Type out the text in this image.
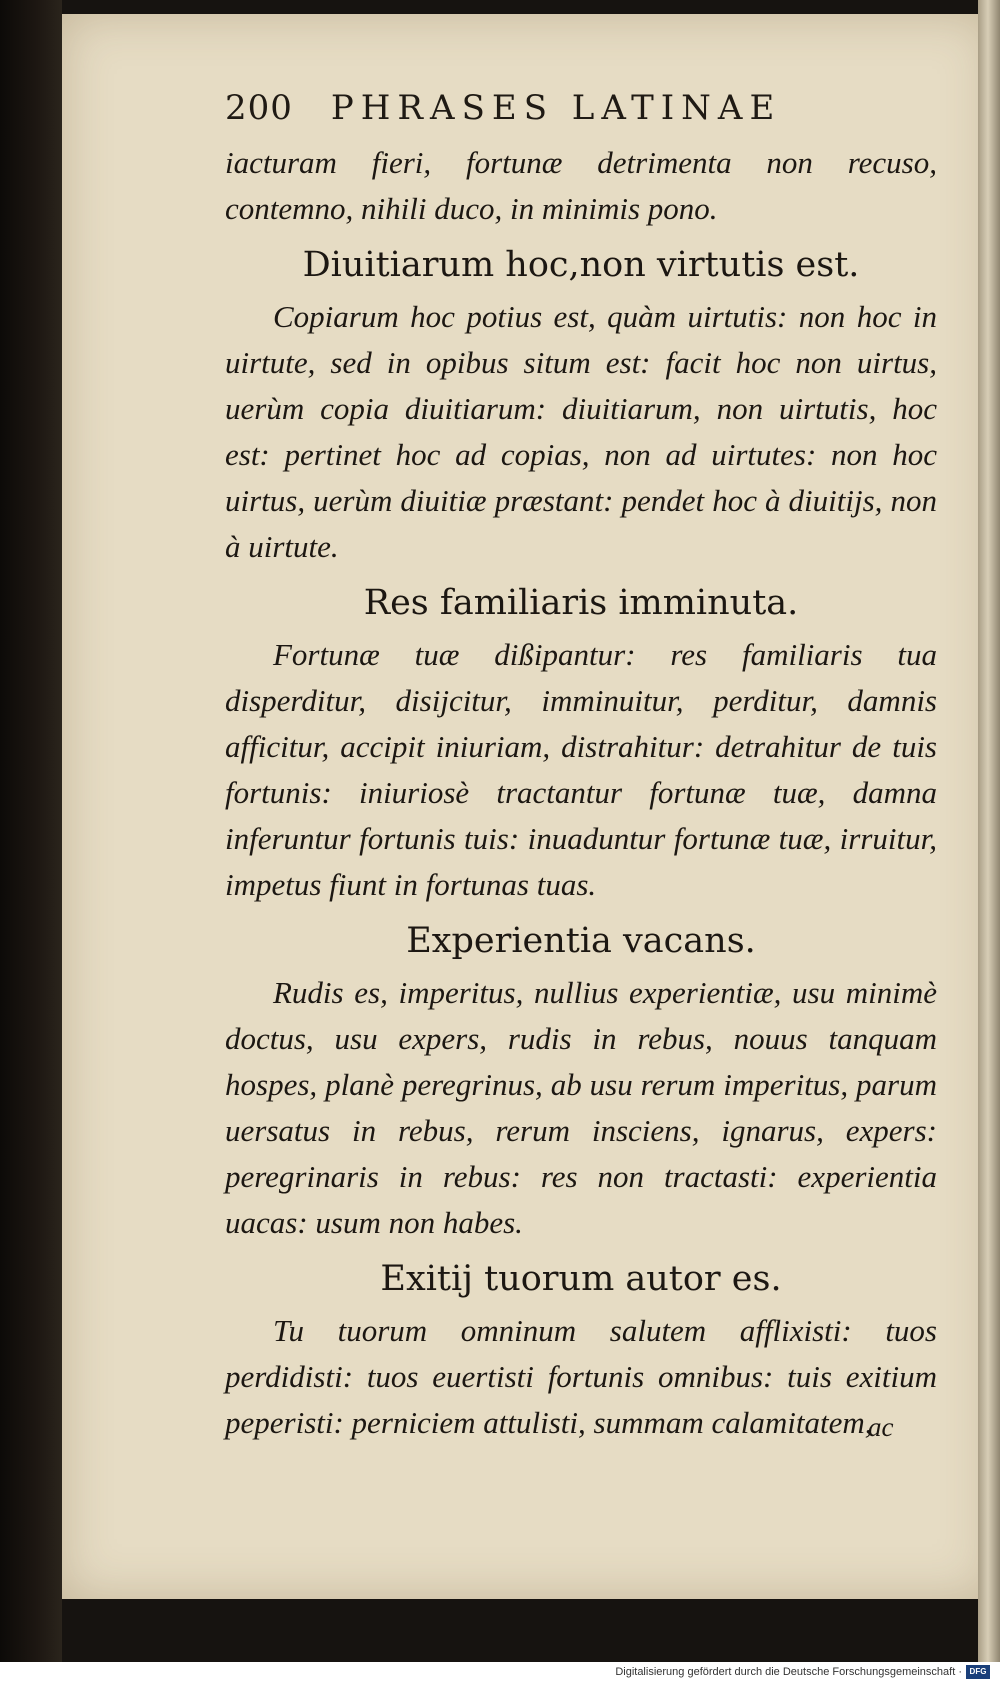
200 PHRASES LATINAE

iacturam fieri, fortunæ detrimenta non recuso, contemno, nihili duco, in minimis pono.

Diuitiarum hoc,non virtutis est.

Copiarum hoc potius est, quàm uirtutis: non hoc in uirtute, sed in opibus situm est: facit hoc non uirtus, uerùm copia diuitiarum: diuitiarum, non uirtutis, hoc est: pertinet hoc ad copias, non ad uirtutes: non hoc uirtus, uerùm diuitiæ præstant: pendet hoc à diuitijs, non à uirtute.

Res familiaris imminuta.

Fortunæ tuæ dißipantur: res familiaris tua disperditur, disijcitur, imminuitur, perditur, damnis afficitur, accipit iniuriam, distrahitur: detrahitur de tuis fortunis: iniuriosè tractantur fortunæ tuæ, damna inferuntur fortunis tuis: inuaduntur fortunæ tuæ, irruitur, impetus fiunt in fortunas tuas.

Experientia vacans.

Rudis es, imperitus, nullius experientiæ, usu minimè doctus, usu expers, rudis in rebus, nouus tanquam hospes, planè peregrinus, ab usu rerum imperitus, parum uersatus in rebus, rerum insciens, ignarus, expers: peregrinaris in rebus: res non tractasti: experientia uacas: usum non habes.

Exitij tuorum autor es.

Tu tuorum omninum salutem afflixisti: tuos perdidisti: tuos euertisti fortunis omnibus: tuis exitium peperisti: perniciem attulisti, summam calamitatem,

ac
Digitalisierung gefördert durch die Deutsche Forschungsgemeinschaft · DFG
